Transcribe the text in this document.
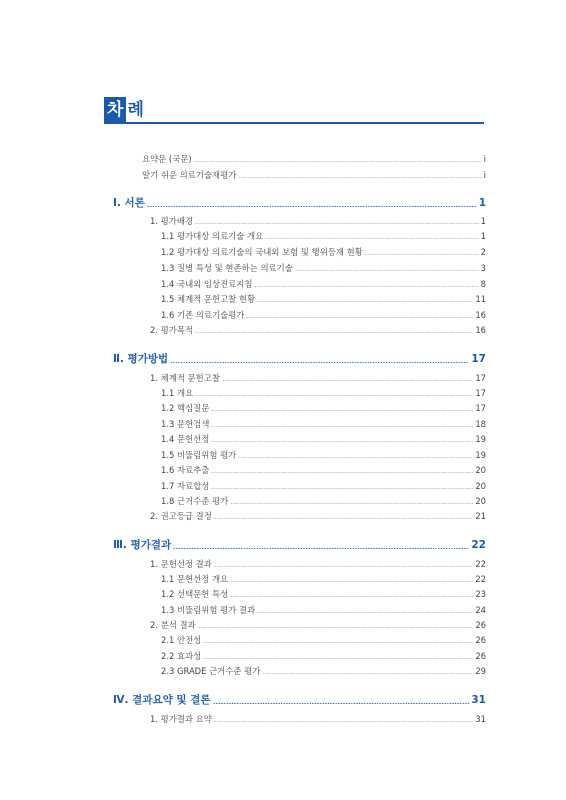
차 례
요약문 (국문)	ⅰ
알기 쉬운 의료기술재평가	ⅰ
Ⅰ. 서론	1
1. 평가배경	1
1.1 평가대상 의료기술 개요	1
1.2 평가대상 의료기술의 국내외 보험 및 행위등재 현황	2
1.3 질병 특성 및 현존하는 의료기술	3
1.4 국내외 임상진료지침	8
1.5 체계적 문헌고찰 현황	11
1.6 기존 의료기술평가	16
2. 평가목적	16
Ⅱ. 평가방법	17
1. 체계적 문헌고찰	17
1.1 개요	17
1.2 핵심질문	17
1.3 문헌검색	18
1.4 문헌선정	19
1.5 비뚤림위험 평가	19
1.6 자료추출	20
1.7 자료합성	20
1.8 근거수준 평가	20
2. 권고등급 결정	21
Ⅲ. 평가결과	22
1. 문헌선정 결과	22
1.1 문헌선정 개요	22
1.2 선택문헌 특성	23
1.3 비뚤림위험 평가 결과	24
2. 분석 결과	26
2.1 안전성	26
2.2 효과성	26
2.3 GRADE 근거수준 평가	29
Ⅳ. 결과요약 및 결론	31
1. 평가결과 요약	31
